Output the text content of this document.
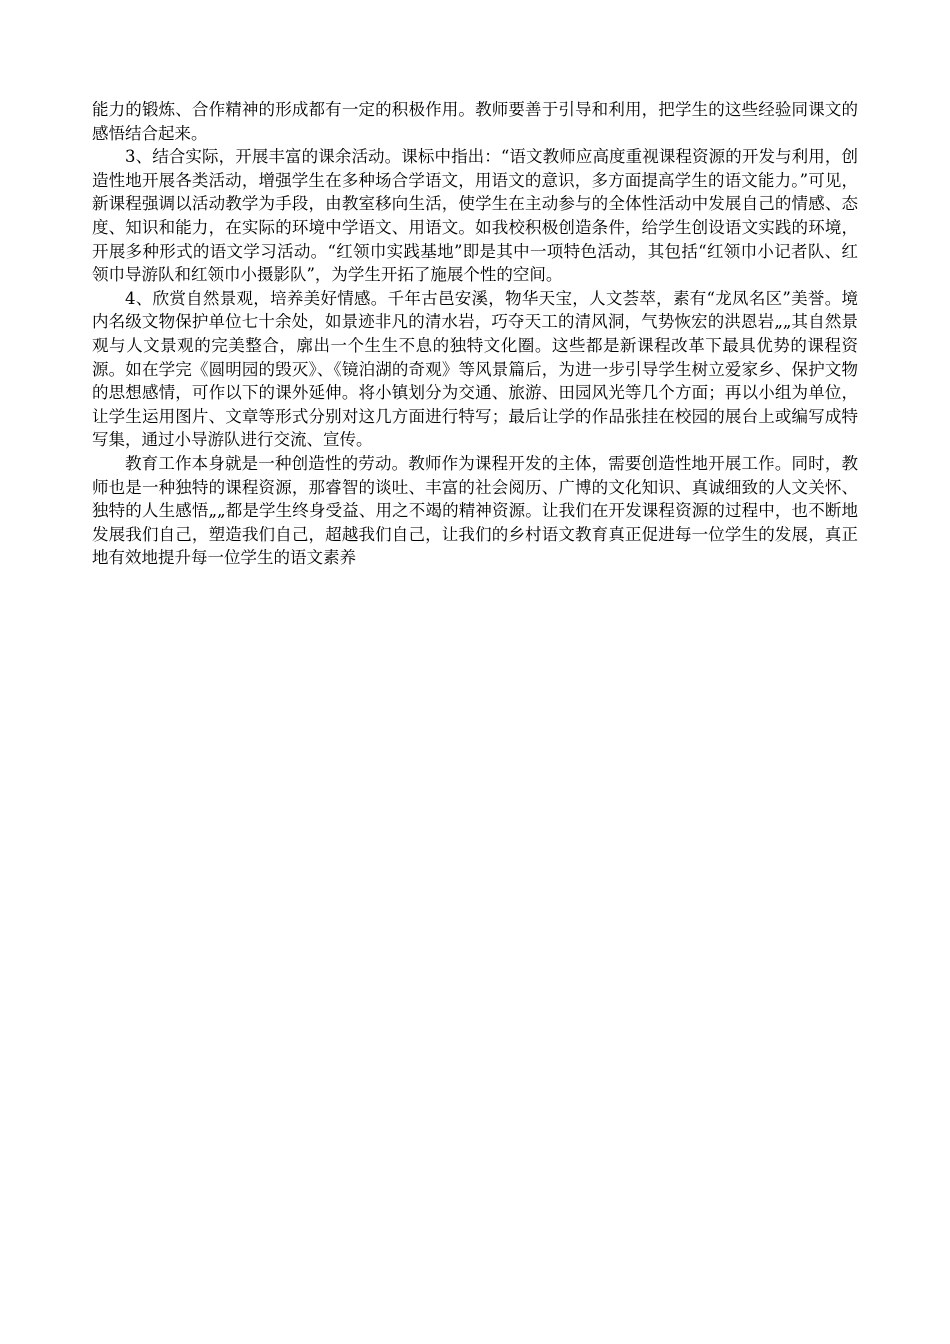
能力的锻炼、合作精神的形成都有一定的积极作用。教师要善于引导和利用，把学生的这些经验同课文的感悟结合起来。

3、结合实际，开展丰富的课余活动。课标中指出：“语文教师应高度重视课程资源的开发与利用，创造性地开展各类活动，增强学生在多种场合学语文，用语文的意识，多方面提高学生的语文能力。”可见，新课程强调以活动教学为手段，由教室移向生活，使学生在主动参与的全体性活动中发展自己的情感、态度、知识和能力，在实际的环境中学语文、用语文。如我校积极创造条件，给学生创设语文实践的环境，开展多种形式的语文学习活动。“红领巾实践基地”即是其中一项特色活动，其包括“红领巾小记者队、红领巾导游队和红领巾小摄影队”，为学生开拓了施展个性的空间。

4、欣赏自然景观，培养美好情感。千年古邑安溪，物华天宝，人文荟萃，素有“龙凤名区”美誉。境内名级文物保护单位七十余处，如景迹非凡的清水岩，巧夺天工的清风洞，气势恢宏的洪恩岩„„其自然景观与人文景观的完美整合，廓出一个生生不息的独特文化圈。这些都是新课程改革下最具优势的课程资源。如在学完《圆明园的毁灭》、《镜泊湖的奇观》等风景篇后，为进一步引导学生树立爱家乡、保护文物的思想感情，可作以下的课外延伸。将小镇划分为交通、旅游、田园风光等几个方面；再以小组为单位，让学生运用图片、文章等形式分别对这几方面进行特写；最后让学的作品张挂在校园的展台上或编写成特写集，通过小导游队进行交流、宣传。

教育工作本身就是一种创造性的劳动。教师作为课程开发的主体，需要创造性地开展工作。同时，教师也是一种独特的课程资源，那睿智的谈吐、丰富的社会阅历、广博的文化知识、真诚细致的人文关怀、独特的人生感悟„„都是学生终身受益、用之不竭的精神资源。让我们在开发课程资源的过程中，也不断地发展我们自己，塑造我们自己，超越我们自己，让我们的乡村语文教育真正促进每一位学生的发展，真正地有效地提升每一位学生的语文素养
